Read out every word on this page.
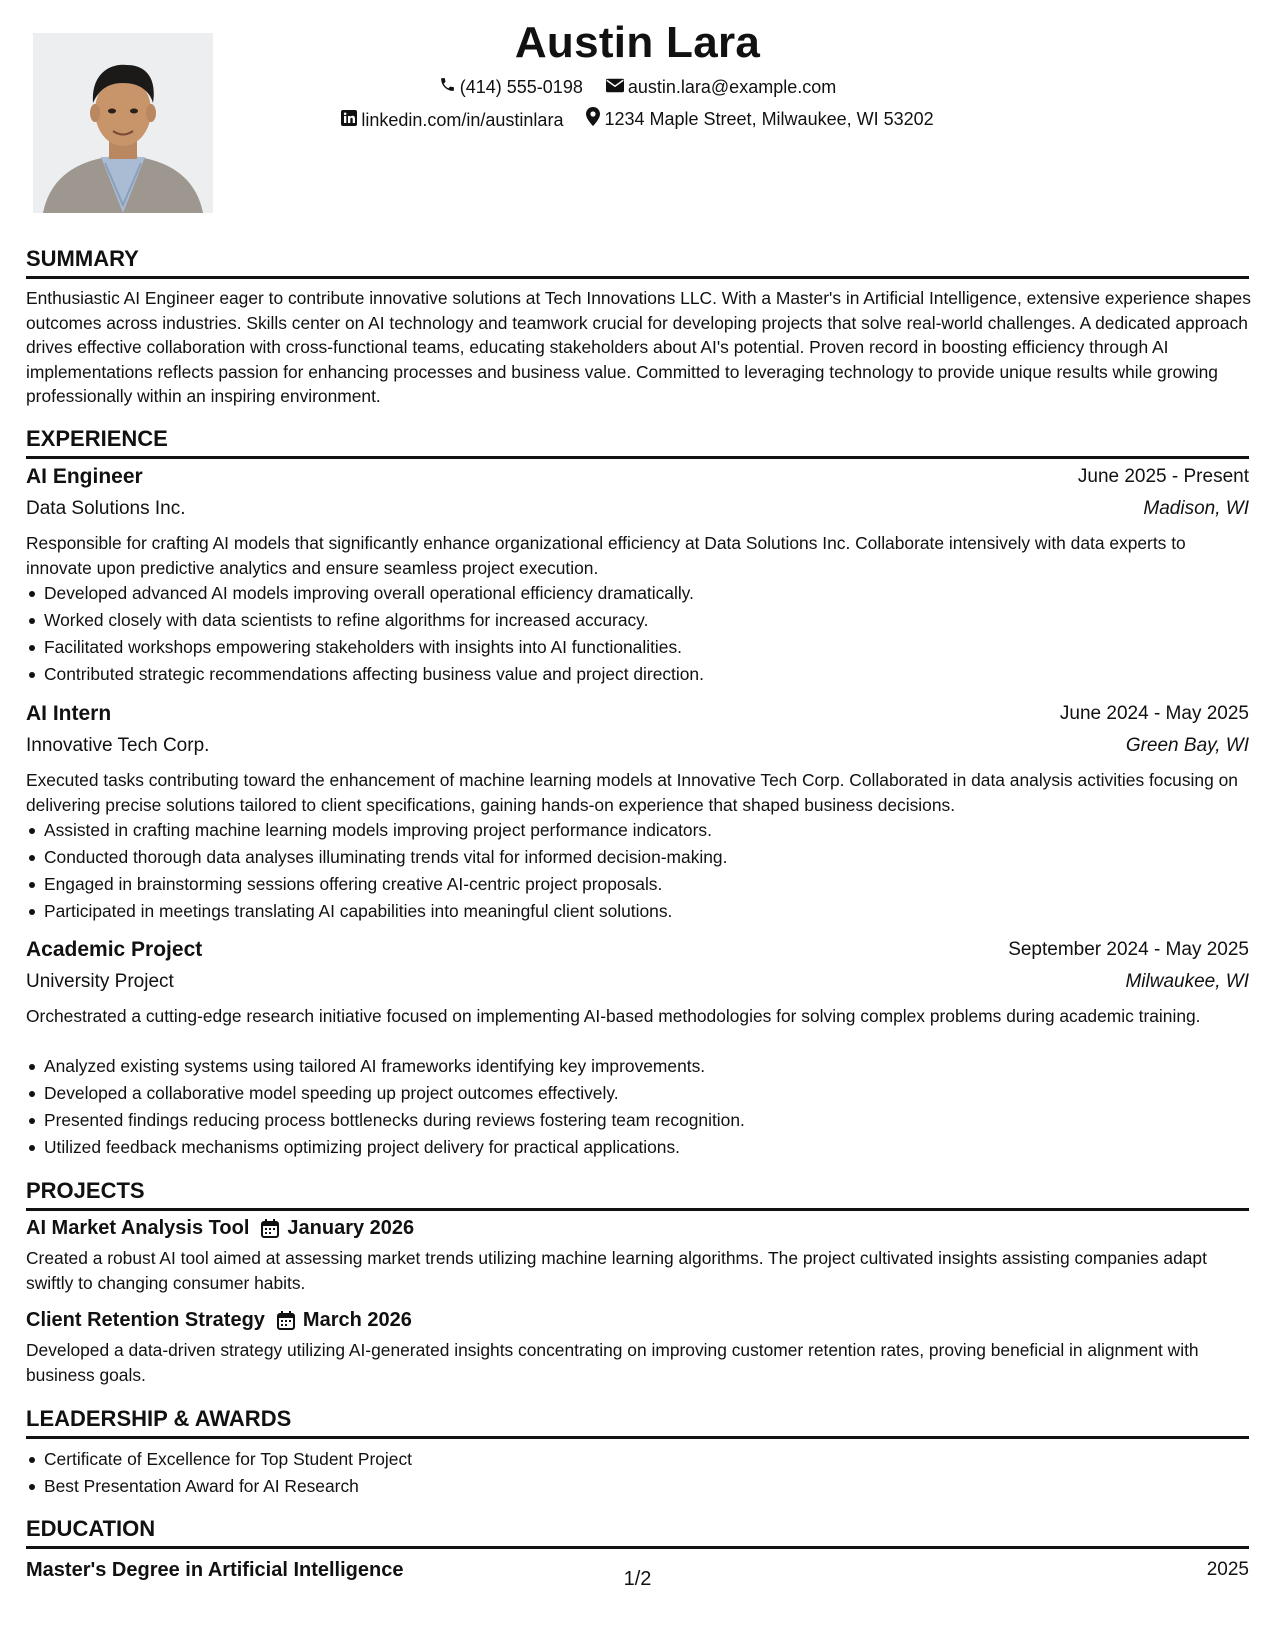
Austin Lara
(414) 555-0198
	austin.lara@example.com
linkedin.com/in/austinlara
1234 Maple Street, Milwaukee, WI 53202
SUMMARY
Enthusiastic AI Engineer eager to contribute innovative solutions at Tech Innovations LLC. With a Master's in Artificial Intelligence, extensive experience shapes outcomes across industries. Skills center on AI technology and teamwork crucial for developing projects that solve real-world challenges. A dedicated approach drives effective collaboration with cross-functional teams, educating stakeholders about AI's potential. Proven record in boosting efficiency through AI implementations reflects passion for enhancing processes and business value. Committed to leveraging technology to provide unique results while growing professionally within an inspiring environment.
EXPERIENCE
AI Engineer	June 2025 - Present
Data Solutions Inc.	Madison, WI
Responsible for crafting AI models that significantly enhance organizational efficiency at Data Solutions Inc. Collaborate intensively with data experts to innovate upon predictive analytics and ensure seamless project execution.
Developed advanced AI models improving overall operational efficiency dramatically.
Worked closely with data scientists to refine algorithms for increased accuracy.
Facilitated workshops empowering stakeholders with insights into AI functionalities.
Contributed strategic recommendations affecting business value and project direction.
AI Intern	June 2024 - May 2025
Innovative Tech Corp.	Green Bay, WI
Executed tasks contributing toward the enhancement of machine learning models at Innovative Tech Corp. Collaborated in data analysis activities focusing on delivering precise solutions tailored to client specifications, gaining hands-on experience that shaped business decisions.
Assisted in crafting machine learning models improving project performance indicators.
Conducted thorough data analyses illuminating trends vital for informed decision-making.
Engaged in brainstorming sessions offering creative AI-centric project proposals.
Participated in meetings translating AI capabilities into meaningful client solutions.
Academic Project	September 2024 - May 2025
University Project	Milwaukee, WI
Orchestrated a cutting-edge research initiative focused on implementing AI-based methodologies for solving complex problems during academic training.
Analyzed existing systems using tailored AI frameworks identifying key improvements.
Developed a collaborative model speeding up project outcomes effectively.
Presented findings reducing process bottlenecks during reviews fostering team recognition.
Utilized feedback mechanisms optimizing project delivery for practical applications.
PROJECTS
AI Market Analysis Tool January 2026
Created a robust AI tool aimed at assessing market trends utilizing machine learning algorithms. The project cultivated insights assisting companies adapt swiftly to changing consumer habits.
Client Retention Strategy March 2026
Developed a data-driven strategy utilizing AI-generated insights concentrating on improving customer retention rates, proving beneficial in alignment with business goals.
LEADERSHIP & AWARDS
Certificate of Excellence for Top Student Project
Best Presentation Award for AI Research
EDUCATION
Master's Degree in Artificial Intelligence	2025
1/2
